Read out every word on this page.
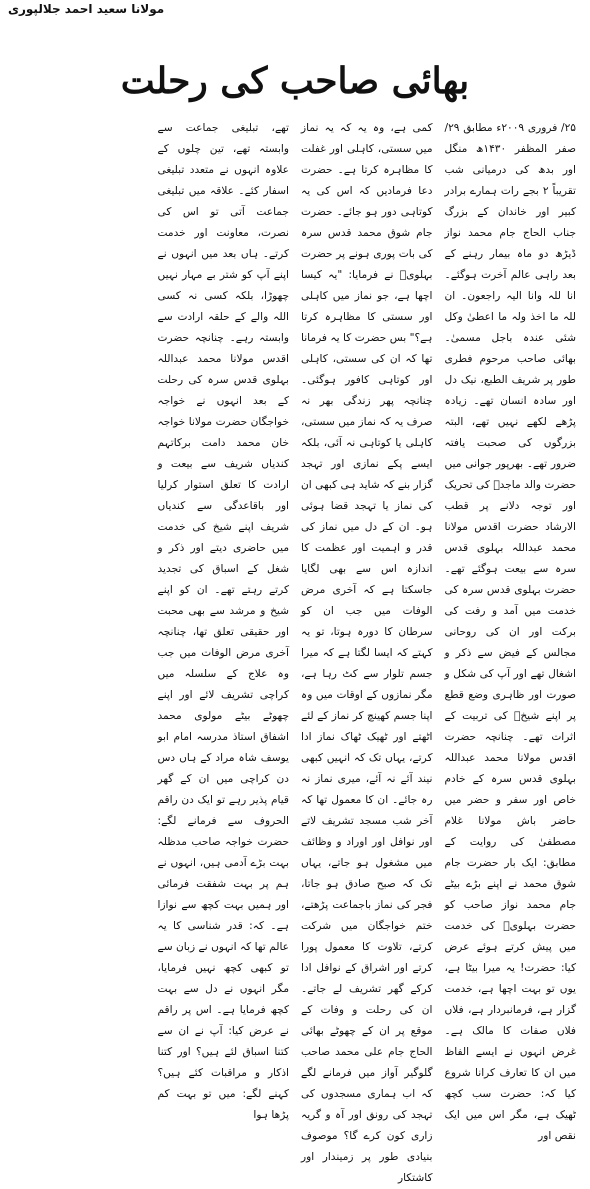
مولانا سعید احمد جلالپوری
بھائی صاحب کی رحلت

۲۵/ فروری ۲۰۰۹ء مطابق ۲۹/ صفر المظفر ۱۴۳۰ھ منگل اور بدھ کی درمیانی شب تقریباً ۲ بجے رات ہمارے برادر کبیر اور خاندان کے بزرگ جناب الحاج جام محمد نواز ڈیڑھ دو ماہ بیمار رہنے کے بعد راہی عالم آخرت ہوگئے۔ انا للہ وانا الیہ راجعون۔ ان للہ ما اخذ ولہ ما اعطیٰ وکل شئی عندہ باجل مسمیٰ۔ بھائی صاحب مرحوم فطری طور پر شریف الطبع، نیک دل اور سادہ انسان تھے۔ زیادہ پڑھے لکھے نہیں تھے، البتہ بزرگوں کی صحبت یافتہ ضرور تھے۔ بھرپور جوانی میں حضرت والد ماجدؒ کی تحریک اور توجہ دلانے پر قطب الارشاد حضرت اقدس مولانا محمد عبداللہ بہلوی قدس سرہ سے بیعت ہوگئے تھے۔ حضرت بہلوی قدس سرہ کی خدمت میں آمد و رفت کی برکت اور ان کی روحانی مجالس کے فیض سے ذکر و اشغال تھے اور آپ کی شکل و صورت اور ظاہری وضع قطع پر اپنے شیخؒ کی تربیت کے اثرات تھے۔ چنانچہ حضرت اقدس مولانا محمد عبداللہ بہلوی قدس سرہ کے خادم خاص اور سفر و حضر میں حاضر باش مولانا غلام مصطفیٰ کی روایت کے مطابق: ایک بار حضرت جام شوق محمد نے اپنے بڑے بیٹے جام محمد نواز صاحب کو حضرت بہلویؒ کی خدمت میں پیش کرتے ہوئے عرض کیا: حضرت! یہ میرا بیٹا ہے، یوں تو بہت اچھا ہے، خدمت گزار ہے، فرمانبردار ہے، فلاں فلاں صفات کا مالک ہے۔ غرض انہوں نے ایسے الفاظ میں ان کا تعارف کرانا شروع کیا کہ: حضرت سب کچھ ٹھیک ہے، مگر اس میں ایک نقص اور

کمی ہے، وہ یہ کہ یہ نماز میں سستی، کاہلی اور غفلت کا مظاہرہ کرتا ہے۔ حضرت دعا فرمادیں کہ اس کی یہ کوتاہی دور ہو جائے۔ حضرت جام شوق محمد قدس سرہ کی بات پوری ہونے پر حضرت بہلویؒ نے فرمایا: "یہ کیسا اچھا ہے، جو نماز میں کاہلی اور سستی کا مظاہرہ کرتا ہے؟" بس حضرت کا یہ فرمانا تھا کہ ان کی سستی، کاہلی اور کوتاہی کافور ہوگئی۔ چنانچہ پھر زندگی بھر نہ صرف یہ کہ نماز میں سستی، کاہلی یا کوتاہی نہ آئی، بلکہ ایسے پکے نمازی اور تہجد گزار بنے کہ شاید ہی کبھی ان کی نماز یا تہجد قضا ہوئی ہو۔ ان کے دل میں نماز کی قدر و اہمیت اور عظمت کا اندازہ اس سے بھی لگایا جاسکتا ہے کہ آخری مرض الوفات میں جب ان کو سرطان کا دورہ ہوتا، تو یہ کہتے کہ ایسا لگتا ہے کہ میرا جسم تلوار سے کٹ رہا ہے، مگر نمازوں کے اوقات میں وہ اپنا جسم کھینچ کر نماز کے لئے اٹھتے اور ٹھیک ٹھاک نماز ادا کرتے، یہاں تک کہ انہیں کبھی نیند آئے نہ آئے، میری نماز نہ رہ جائے۔ ان کا معمول تھا کہ آخر شب مسجد تشریف لاتے اور نوافل اور اوراد و وظائف میں مشغول ہو جاتے، یہاں تک کہ صبح صادق ہو جاتا، فجر کی نماز باجماعت پڑھتے، ختم خواجگان میں شرکت کرتے، تلاوت کا معمول پورا کرتے اور اشراق کے نوافل ادا کرکے گھر تشریف لے جاتے۔ ان کی رحلت و وفات کے موقع پر ان کے چھوٹے بھائی الحاج جام علی محمد صاحب گلوگیر آواز میں فرمانے لگے کہ اب ہماری مسجدوں کی تہجد کی رونق اور آہ و گریہ زاری کون کرے گا؟ موصوف بنیادی طور پر زمیندار اور کاشتکار

تھے، تبلیغی جماعت سے وابستہ تھے، تین چلوں کے علاوہ انہوں نے متعدد تبلیغی اسفار کئے۔ علاقہ میں تبلیغی جماعت آتی تو اس کی نصرت، معاونت اور خدمت کرتے۔ ہاں بعد میں انہوں نے اپنے آپ کو شتر بے مہار نہیں چھوڑا، بلکہ کسی نہ کسی اللہ والے کے حلقہ ارادت سے وابستہ رہے۔ چنانچہ حضرت اقدس مولانا محمد عبداللہ بہلوی قدس سرہ کی رحلت کے بعد انہوں نے خواجہ خواجگان حضرت مولانا خواجہ خان محمد دامت برکاتہم کندیاں شریف سے بیعت و ارادت کا تعلق استوار کرلیا اور باقاعدگی سے کندیاں شریف اپنے شیخ کی خدمت میں حاضری دیتے اور ذکر و شغل کے اسباق کی تجدید کرتے رہتے تھے۔ ان کو اپنے شیخ و مرشد سے بھی محبت اور حقیقی تعلق تھا، چنانچہ آخری مرض الوفات میں جب وہ علاج کے سلسلہ میں کراچی تشریف لائے اور اپنے چھوٹے بیٹے مولوی محمد اشفاق استاذ مدرسہ امام ابو یوسف شاہ مراد کے ہاں دس دن کراچی میں ان کے گھر قیام پذیر رہے تو ایک دن راقم الحروف سے فرمانے لگے: حضرت خواجہ صاحب مدظلہ بہت بڑے آدمی ہیں، انہوں نے ہم پر بہت شفقت فرمائی اور ہمیں بہت کچھ سے نوازا ہے۔ کہ: قدر شناسی کا یہ عالم تھا کہ انہوں نے زبان سے تو کبھی کچھ نہیں فرمایا، مگر انہوں نے دل سے بہت کچھ فرمایا ہے۔ اس پر راقم نے عرض کیا: آپ نے ان سے کتنا اسباق لئے ہیں؟ اور کتنا اذکار و مراقبات کئے ہیں؟ کہنے لگے: میں تو بہت کم پڑھا ہوا
